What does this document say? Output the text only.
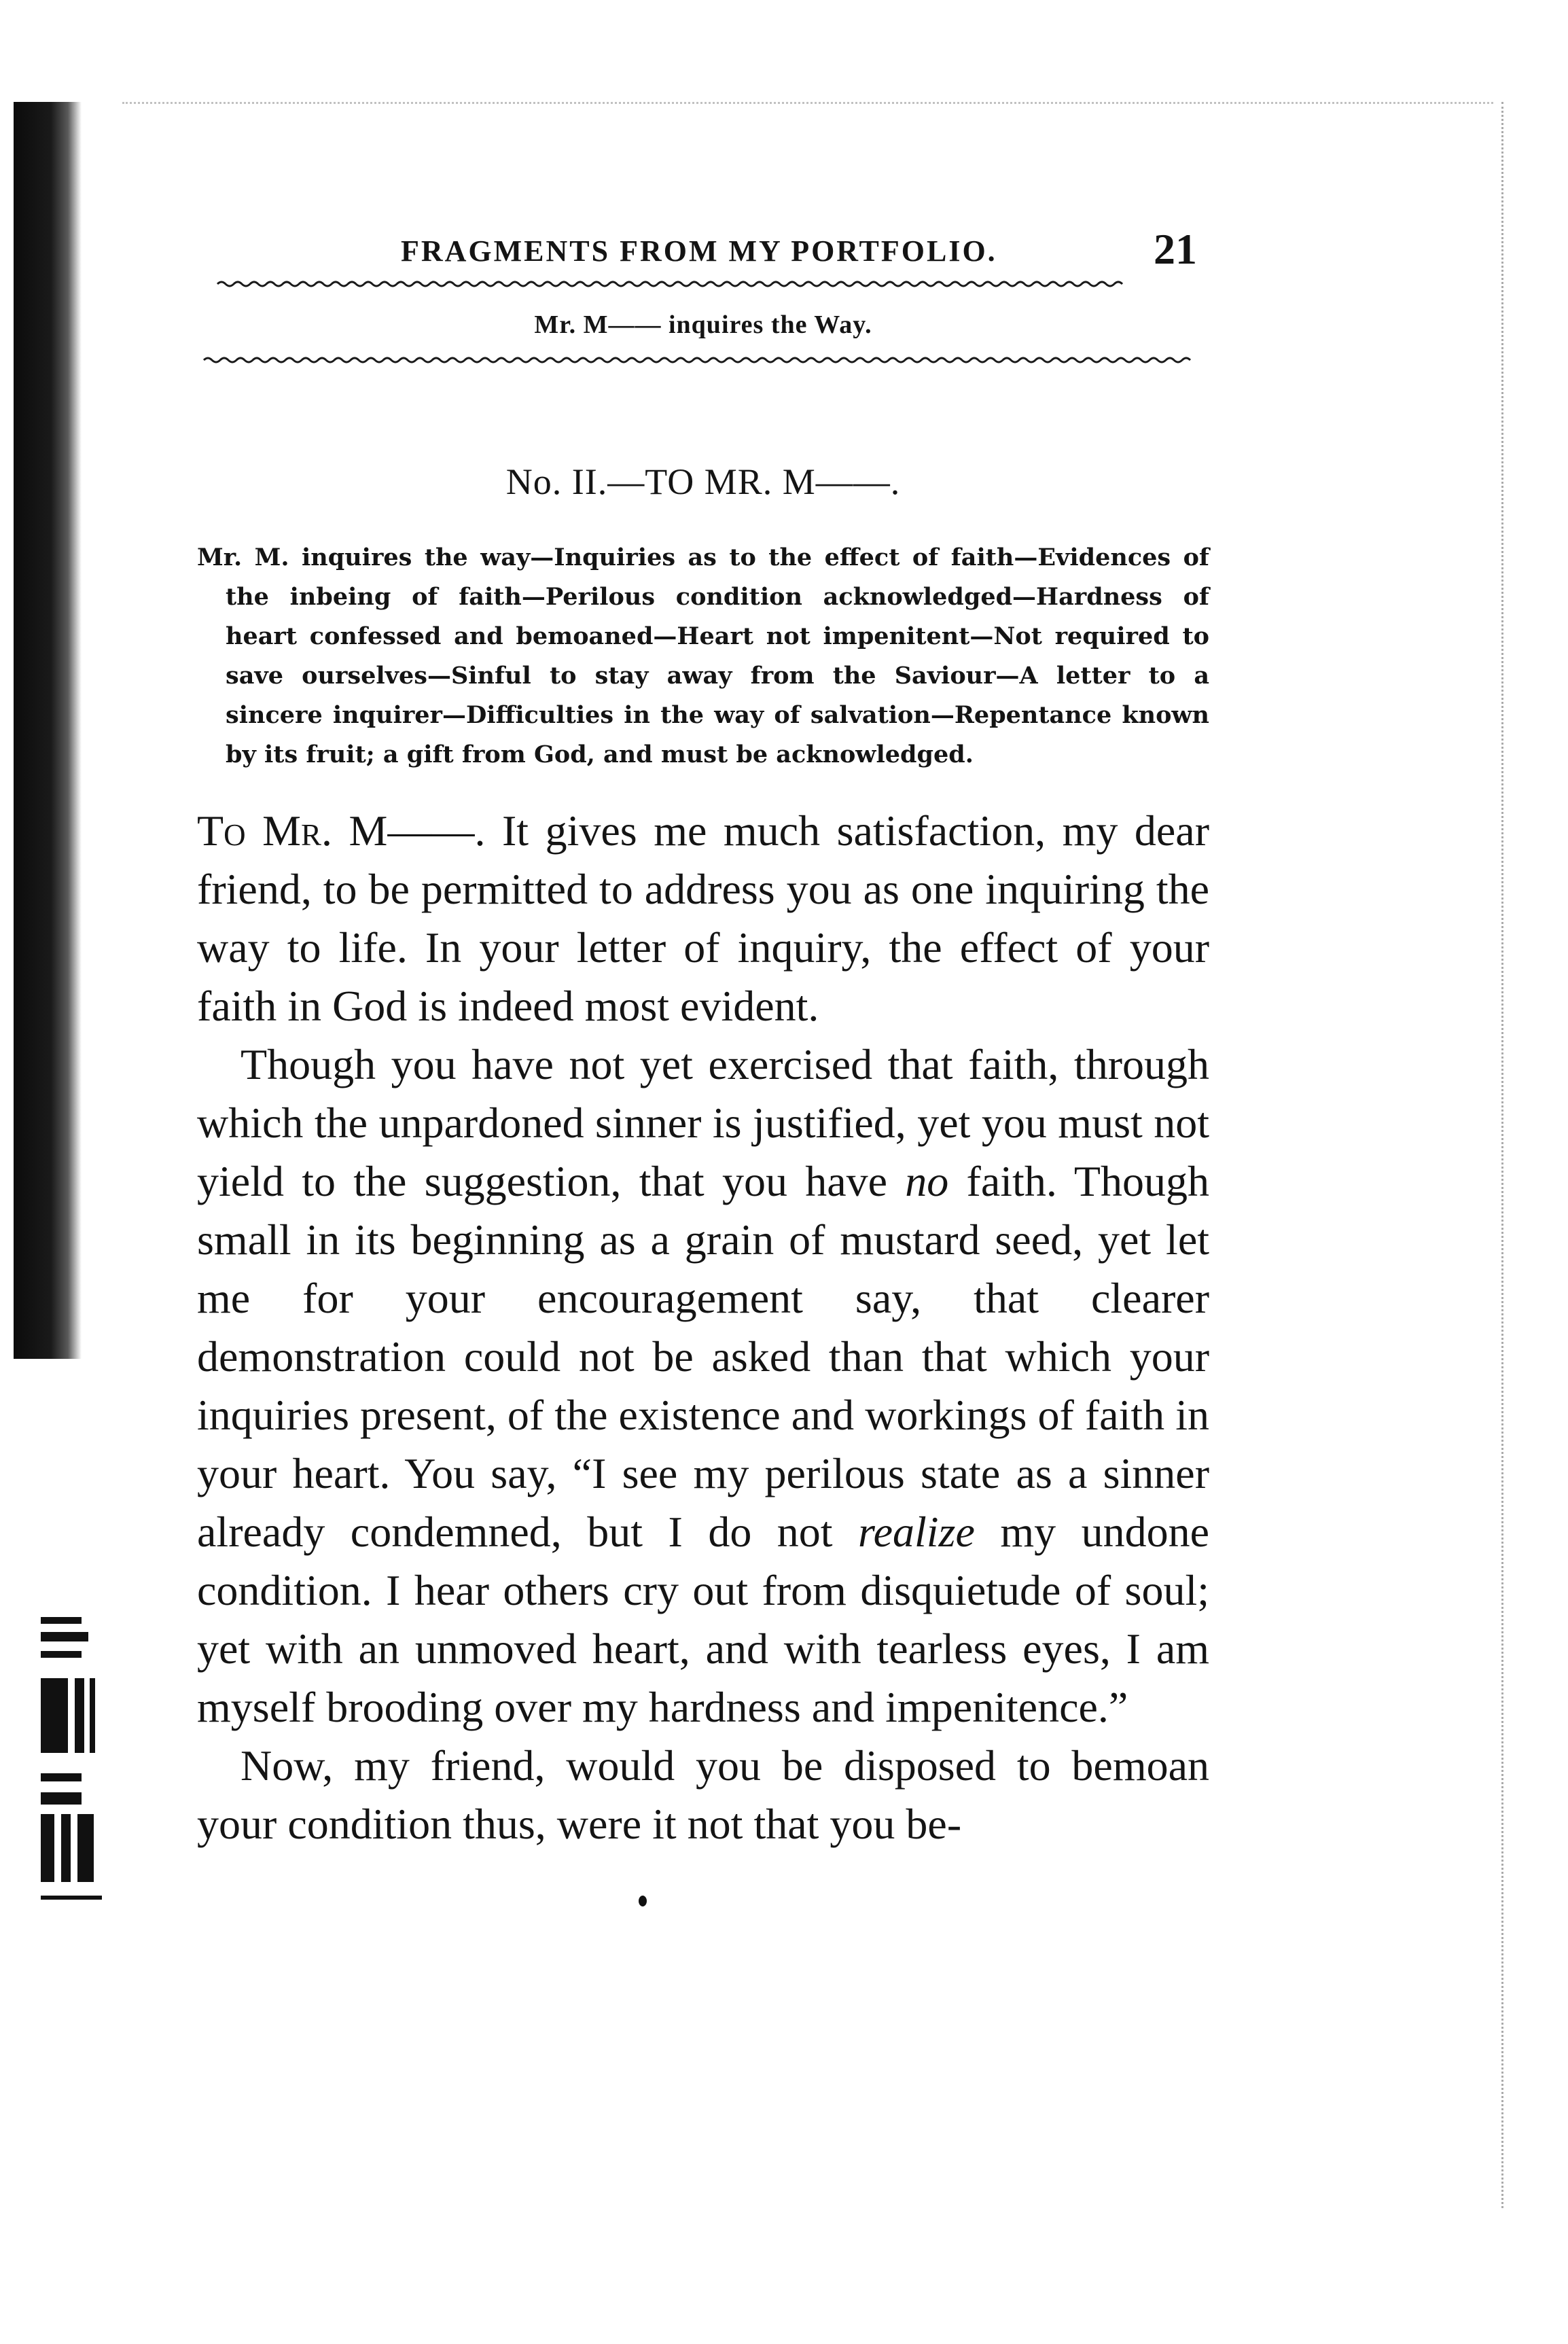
FRAGMENTS FROM MY PORTFOLIO.	21
Mr. M—— inquires the Way.
No. II.—TO MR. M——.

Mr. M. inquires the way—Inquiries as to the effect of faith—Evidences of the inbeing of faith—Perilous condition acknowledged—Hardness of heart confessed and bemoaned—Heart not impenitent—Not required to save ourselves—Sinful to stay away from the Saviour—A letter to a sincere inquirer—Difficulties in the way of salvation—Repentance known by its fruit; a gift from God, and must be acknowledged.

To Mr. M——. It gives me much satisfaction, my dear friend, to be permitted to address you as one inquiring the way to life. In your letter of inquiry, the effect of your faith in God is indeed most evident.

Though you have not yet exercised that faith, through which the unpardoned sinner is justified, yet you must not yield to the suggestion, that you have no faith. Though small in its beginning as a grain of mustard seed, yet let me for your encouragement say, that clearer demonstration could not be asked than that which your inquiries present, of the existence and workings of faith in your heart. You say, “I see my perilous state as a sinner already condemned, but I do not realize my undone condition. I hear others cry out from disquietude of soul; yet with an unmoved heart, and with tearless eyes, I am myself brooding over my hardness and impenitence.”

Now, my friend, would you be disposed to bemoan your condition thus, were it not that you be-
